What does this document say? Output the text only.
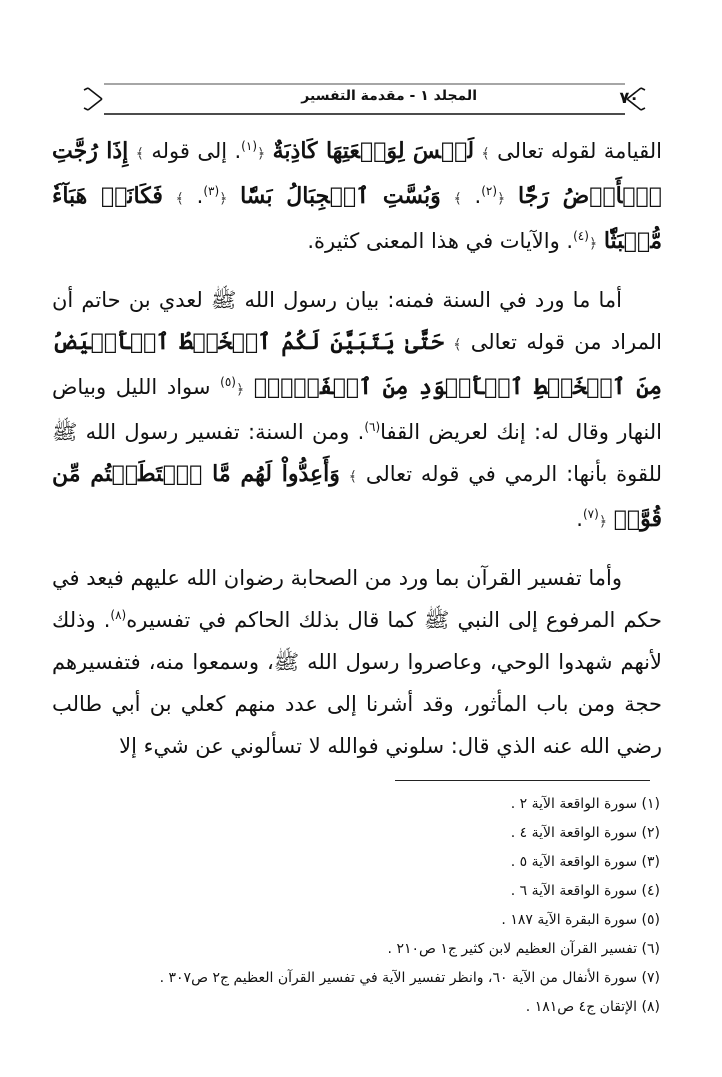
٧٠
المجلد ١ - مقدمة التفسير

القيامة لقوله تعالى ﴾ لَيۡسَ لِوَقۡعَتِهَا كَاذِبَةٌ ﴿$^{(١)}$. إلى قوله ﴾ إِذَا رُجَّتِ ٱلۡأَرۡضُ رَجّٗا ﴿$^{(٢)}$. ﴾ وَبُسَّتِ ٱلۡجِبَالُ بَسّٗا ﴿$^{(٣)}$. ﴾ فَكَانَتۡ هَبَآءٗ مُّنۢبَثّٗا ﴿$^{(٤)}$. والآيات في هذا المعنى كثيرة.

أما ما ورد في السنة فمنه: بيان رسول الله ﷺ لعدي بن حاتم أن المراد من قوله تعالى ﴾ حَتَّىٰ يَتَبَيَّنَ لَكُمُ ٱلۡخَيۡطُ ٱلۡأَبۡيَضُ مِنَ ٱلۡخَيۡطِ ٱلۡأَسۡوَدِ مِنَ ٱلۡفَجۡرِۖ ﴿$^{(٥)}$ سواد الليل وبياض النهار وقال له: إنك لعريض القفا$^{(٦)}$. ومن السنة: تفسير رسول الله ﷺ للقوة بأنها: الرمي في قوله تعالى ﴾ وَأَعِدُّواْ لَهُم مَّا ٱسۡتَطَعۡتُم مِّن قُوَّةٖ ﴿$^{(٧)}$.

وأما تفسير القرآن بما ورد من الصحابة رضوان الله عليهم فيعد في حكم المرفوع إلى النبي ﷺ كما قال بذلك الحاكم في تفسيره$^{(٨)}$. وذلك لأنهم شهدوا الوحي، وعاصروا رسول الله ﷺ، وسمعوا منه، فتفسيرهم حجة ومن باب المأثور، وقد أشرنا إلى عدد منهم كعلي بن أبي طالب رضي الله عنه الذي قال: سلوني فوالله لا تسألوني عن شيء إلا

(١) سورة الواقعة الآية ٢ .
(٢) سورة الواقعة الآية ٤ .
(٣) سورة الواقعة الآية ٥ .
(٤) سورة الواقعة الآية ٦ .
(٥) سورة البقرة الآية ١٨٧ .
(٦) تفسير القرآن العظيم لابن كثير ج١ ص٢١٠ .
(٧) سورة الأنفال من الآية ٦٠، وانظر تفسير الآية في تفسير القرآن العظيم ج٢ ص٣٠٧ .
(٨) الإتقان ج٤ ص١٨١ .
